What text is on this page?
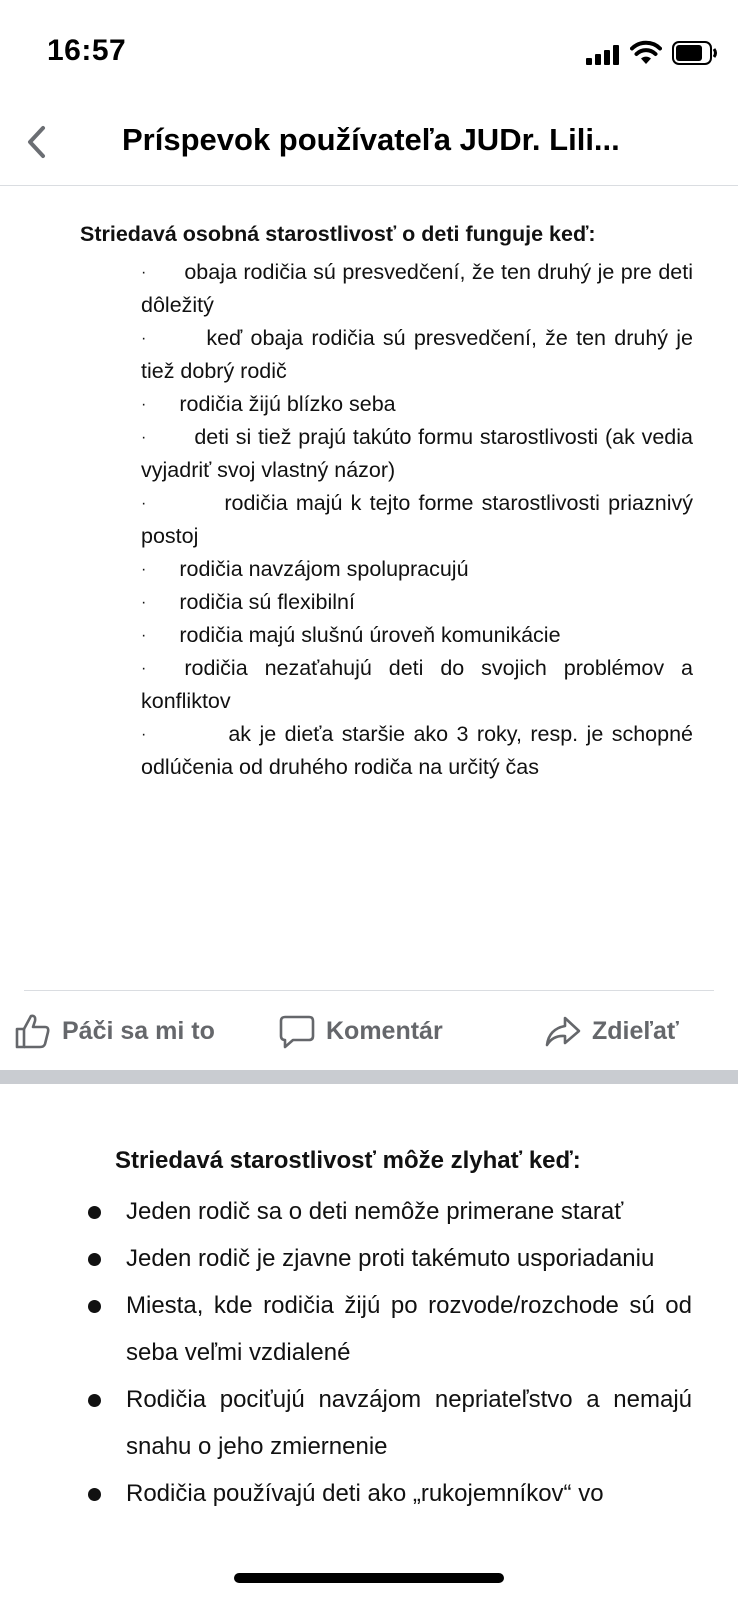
16:57
Príspevok používateľa JUDr. Lili...
Striedavá osobná starostlivosť o deti funguje keď:
· obaja rodičia sú presvedčení, že ten druhý je pre deti dôležitý
·	keď obaja rodičia sú presvedčení, že ten druhý je tiež dobrý rodič
· rodičia žijú blízko seba
· deti si tiež prajú takúto formu starostlivosti (ak vedia vyjadriť svoj vlastný názor)
·	rodičia majú k tejto forme starostlivosti priaznivý postoj
· rodičia navzájom spolupracujú
· rodičia sú flexibilní
· rodičia majú slušnú úroveň komunikácie
· rodičia nezaťahujú deti do svojich problémov a konfliktov
·	ak je dieťa staršie ako 3 roky, resp. je schopné odlúčenia od druhého rodiča na určitý čas
Páči sa mi to	Komentár	Zdieľať
Striedavá starostlivosť môže zlyhať keď:
Jeden rodič sa o deti nemôže primerane starať
Jeden rodič je zjavne proti takémuto usporiadaniu
Miesta, kde rodičia žijú po rozvode/rozchode sú od seba veľmi vzdialené
Rodičia pociťujú navzájom nepriateľstvo a nemajú snahu o jeho zmiernenie
Rodičia používajú deti ako „rukojemníkov“ vo
